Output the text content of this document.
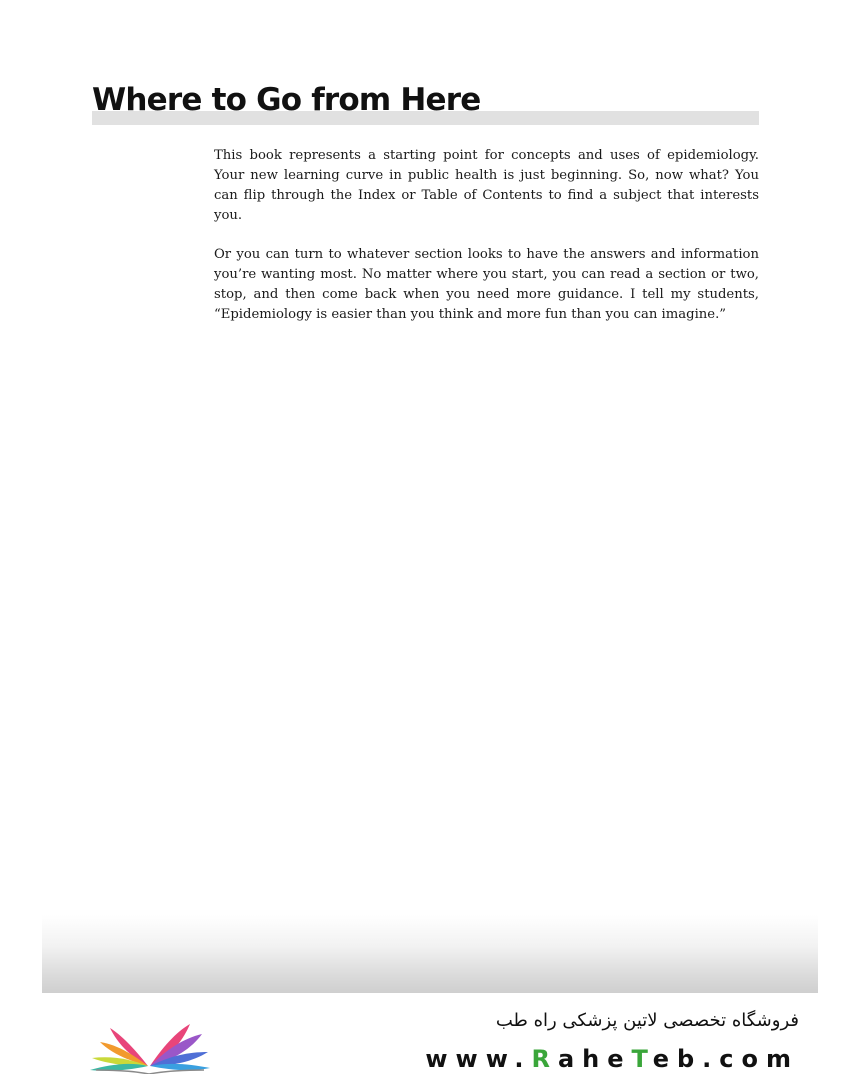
Where to Go from Here

This book represents a starting point for concepts and uses of epidemiology. Your new learning curve in public health is just beginning. So, now what? You can flip through the Index or Table of Contents to find a subject that interests you.

Or you can turn to whatever section looks to have the answers and information you’re wanting most. No matter where you start, you can read a section or two, stop, and then come back when you need more guidance. I tell my students, “Epidemiology is easier than you think and more fun than you can imagine.”

فروشگاه تخصصی لاتین پزشکی راه طب
www.RaheTeb.com
